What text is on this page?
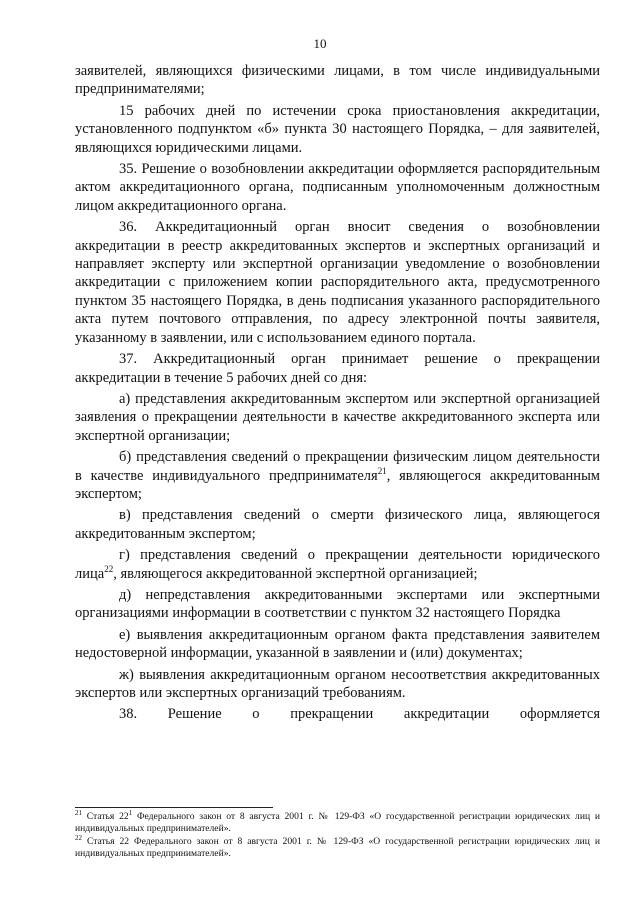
10

заявителей, являющихся физическими лицами, в том числе индивидуальными предпринимателями;

15 рабочих дней по истечении срока приостановления аккредитации, установленного подпунктом «б» пункта 30 настоящего Порядка, – для заявителей, являющихся юридическими лицами.

35. Решение о возобновлении аккредитации оформляется распорядительным актом аккредитационного органа, подписанным уполномоченным должностным лицом аккредитационного органа.

36. Аккредитационный орган вносит сведения о возобновлении аккредитации в реестр аккредитованных экспертов и экспертных организаций и направляет эксперту или экспертной организации уведомление о возобновлении аккредитации с приложением копии распорядительного акта, предусмотренного пунктом 35 настоящего Порядка, в день подписания указанного распорядительного акта путем почтового отправления, по адресу электронной почты заявителя, указанному в заявлении, или с использованием единого портала.

37. Аккредитационный орган принимает решение о прекращении аккредитации в течение 5 рабочих дней со дня:

а) представления аккредитованным экспертом или экспертной организацией заявления о прекращении деятельности в качестве аккредитованного эксперта или экспертной организации;

б) представления сведений о прекращении физическим лицом деятельности в качестве индивидуального предпринимателя$^{21}$, являющегося аккредитованным экспертом;

в) представления сведений о смерти физического лица, являющегося аккредитованным экспертом;

г) представления сведений о прекращении деятельности юридического лица$^{22}$, являющегося аккредитованной экспертной организацией;

д) непредставления аккредитованными экспертами или экспертными организациями информации в соответствии с пунктом 32 настоящего Порядка

е) выявления аккредитационным органом факта представления заявителем недостоверной информации, указанной в заявлении и (или) документах;

ж) выявления аккредитационным органом несоответствия аккредитованных экспертов или экспертных организаций требованиям.

38. Решение о прекращении аккредитации оформляется

$^{21}$ Статья $22^1$ Федерального закон от 8 августа 2001 г. № 129-ФЗ «О государственной регистрации юридических лиц и индивидуальных предпринимателей».

$^{22}$ Статья 22 Федерального закон от 8 августа 2001 г. № 129-ФЗ «О государственной регистрации юридических лиц и индивидуальных предпринимателей».
